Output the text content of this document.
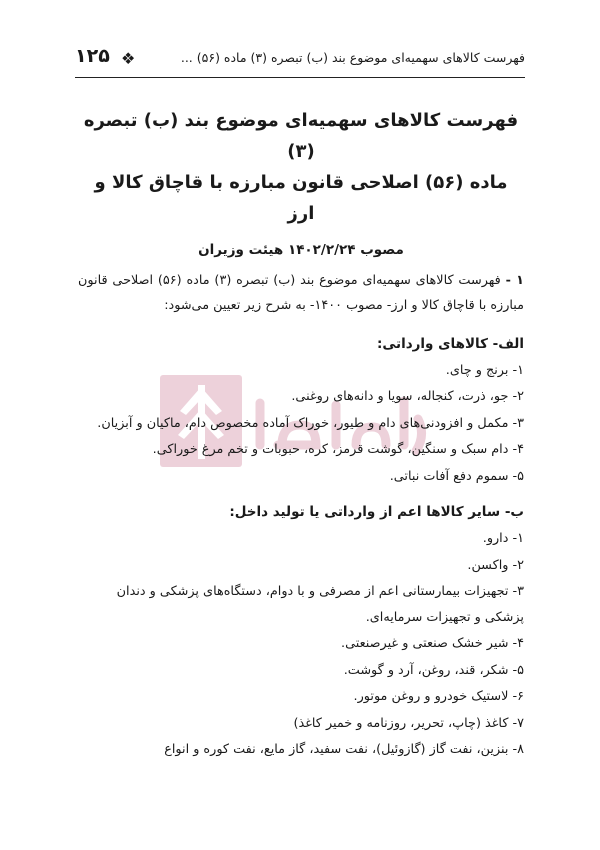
فهرست کالاهای سهمیه‌ای موضوع بند (ب) تبصره (۳) ماده (۵۶) ...
❖
۱۲۵
فهرست کالاهای سهمیه‌ای موضوع بند (ب) تبصره (۳)
ماده (۵۶) اصلاحی قانون مبارزه با قاچاق کالا و ارز
مصوب ۱۴۰۲/۲/۲۴ هیئت وزیران

۱ - فهرست کالاهای سهمیه‌ای موضوع بند (ب) تبصره (۳) ماده (۵۶) اصلاحی قانون مبارزه با قاچاق کالا و ارز- مصوب ۱۴۰۰- به شرح زیر تعیین می‌شود:

الف- کالاهای وارداتی:
۱- برنج و چای.
۲- جو، ذرت، کنجاله، سویا و دانه‌های روغنی.
۳- مکمل و افزودنی‌های دام و طیور، خوراک آماده مخصوص دام، ماکیان و آبزیان.
۴- دام سبک و سنگین، گوشت قرمز، کره، حبوبات و تخم مرغ خوراکی.
۵- سموم دفع آفات نباتی.
ب- سایر کالاها اعم از وارداتی یا تولید داخل:
۱- دارو.
۲- واکسن.
۳- تجهیزات بیمارستانی اعم از مصرفی و با دوام، دستگاه‌های پزشکی و دندان پزشکی و تجهیزات سرمایه‌ای.
۴- شیر خشک صنعتی و غیرصنعتی.
۵- شکر، قند، روغن، آرد و گوشت.
۶- لاستیک خودرو و روغن موتور.
۷- کاغذ (چاپ، تحریر، روزنامه و خمیر کاغذ)
۸- بنزین، نفت گاز (گازوئیل)، نفت سفید، گاز مایع، نفت کوره و انواع
